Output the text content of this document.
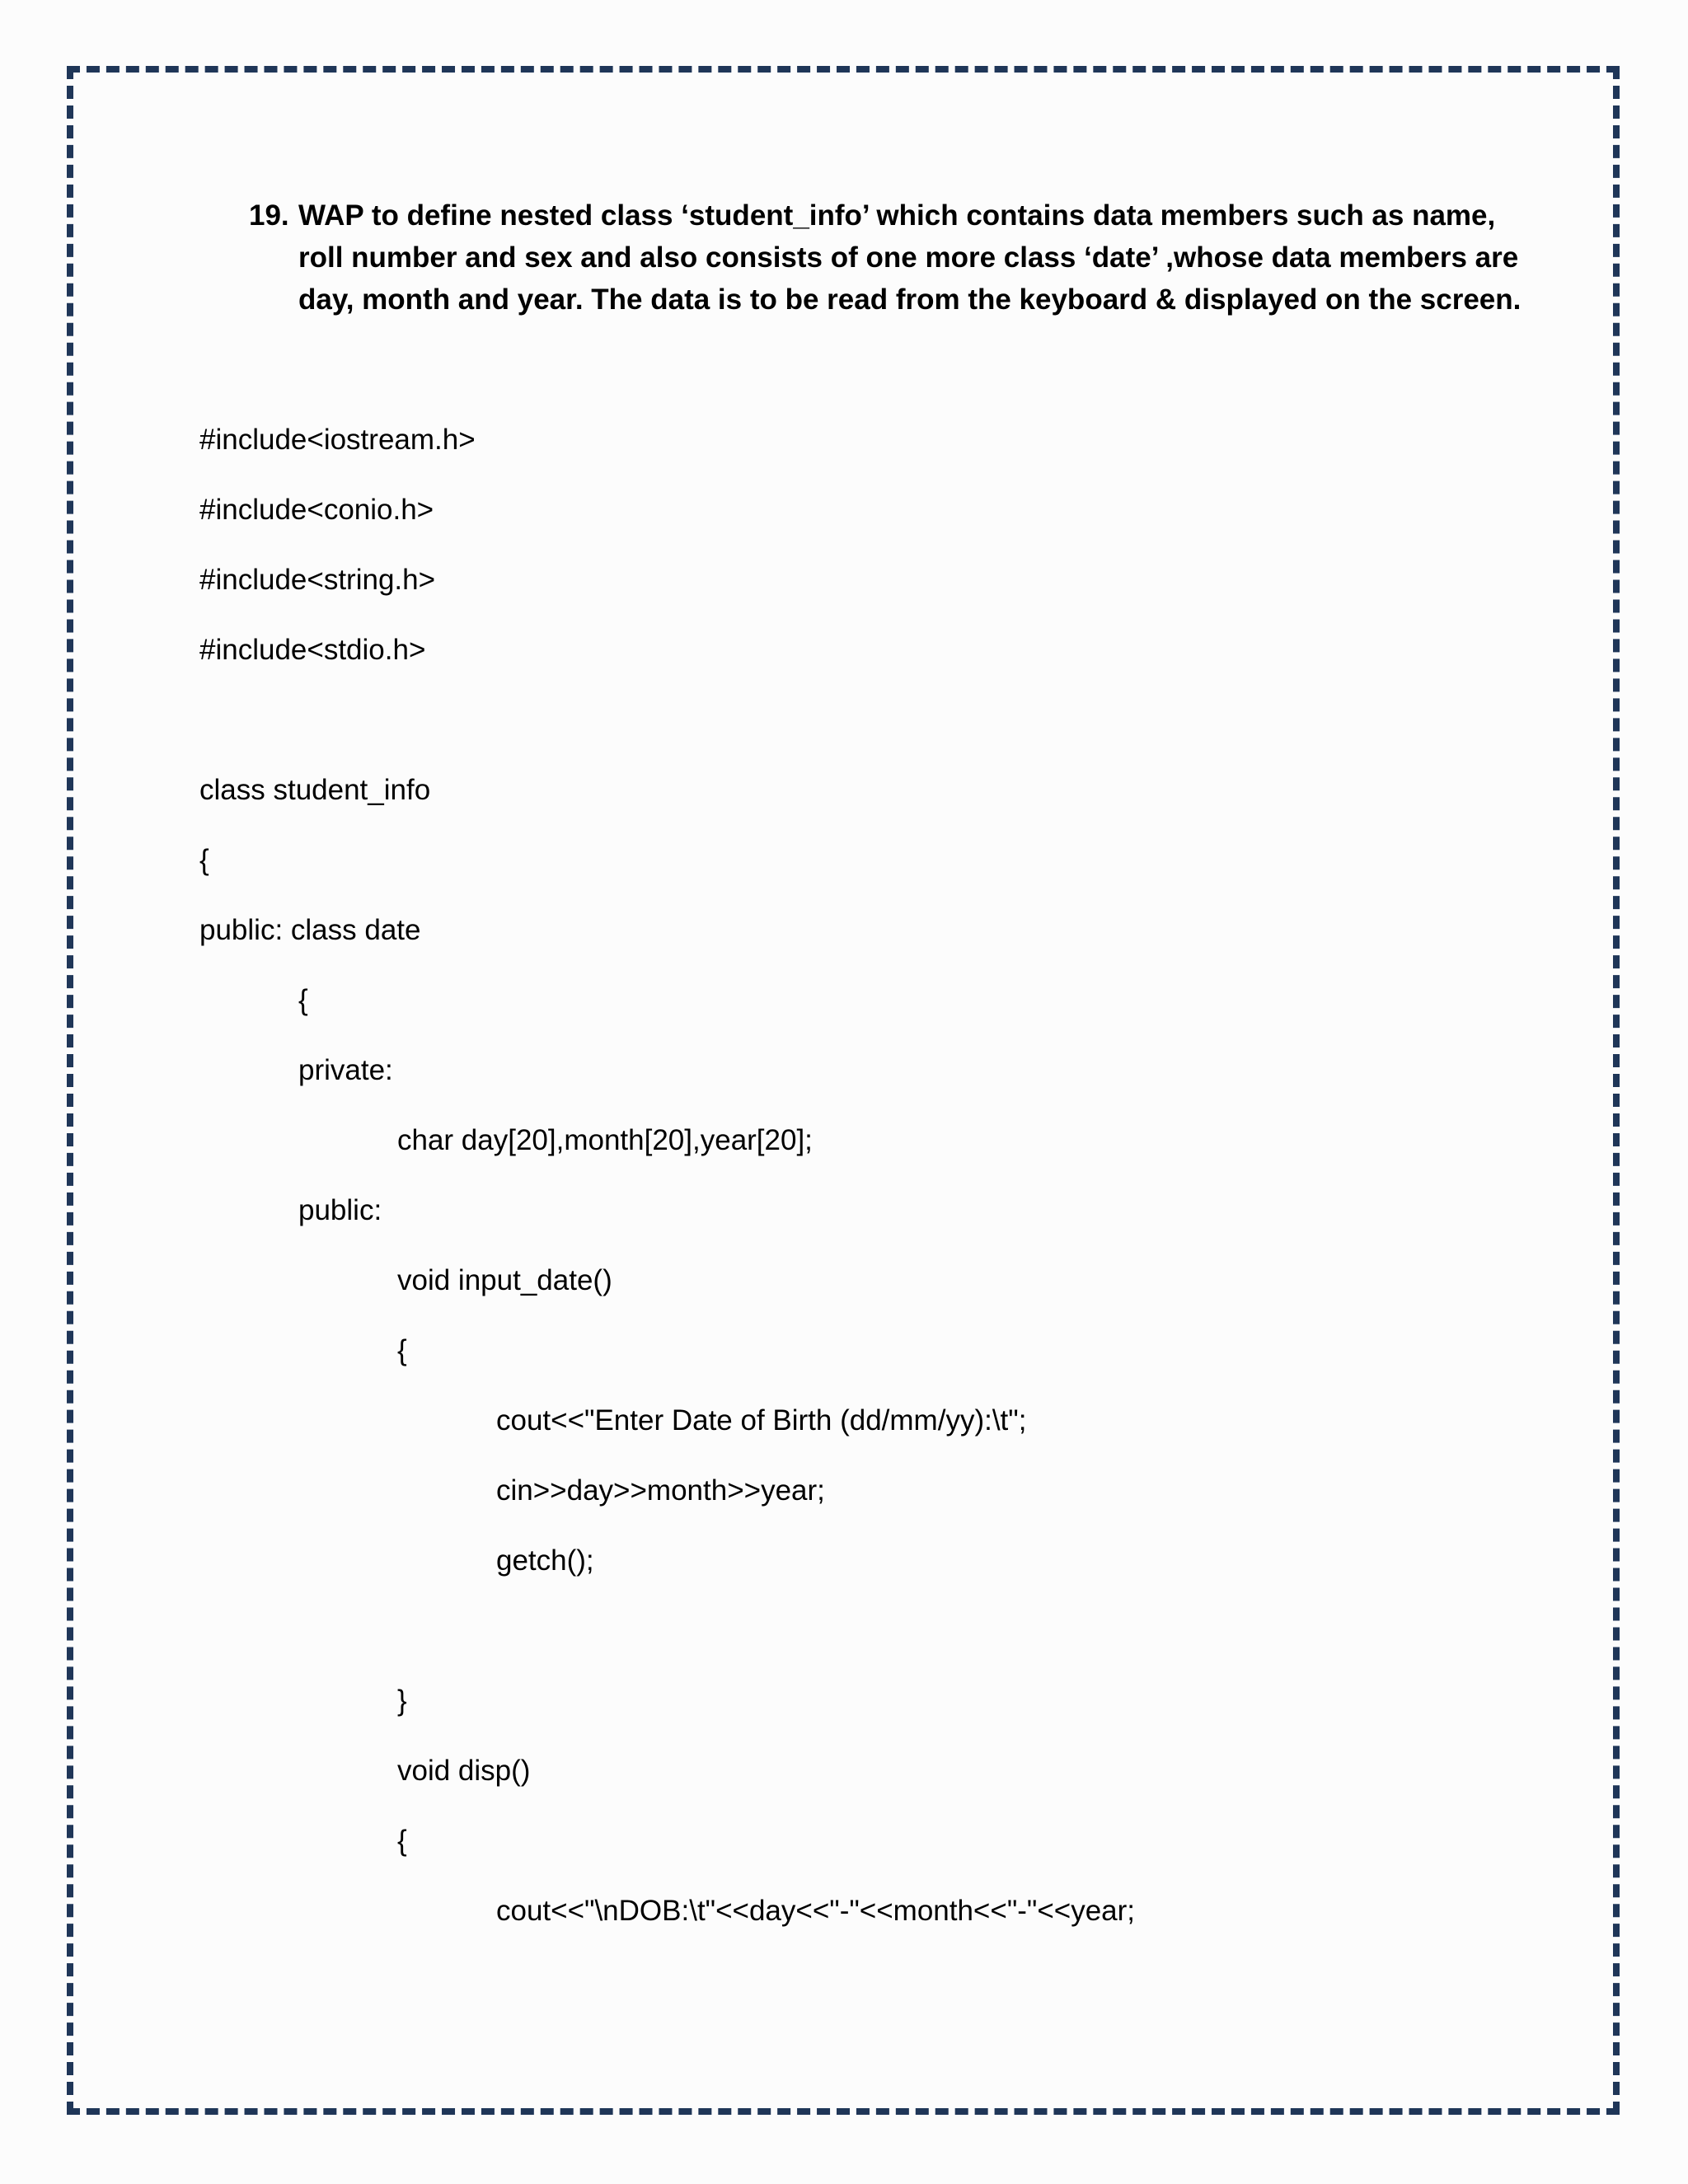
19. WAP to define nested class ‘student_info’ which contains data members such as name, roll number and sex and also consists of one more class ‘date’ ,whose data members are day, month and year. The data is to be read from the keyboard & displayed on the screen.
#include<iostream.h>
#include<conio.h>
#include<string.h>
#include<stdio.h>
class student_info
{
public: class date
{
private:
char day[20],month[20],year[20];
public:
void input_date()
{
cout<<"Enter Date of Birth (dd/mm/yy):\t";
cin>>day>>month>>year;
getch();
}
void disp()
{
cout<<"\nDOB:\t"<<day<<"-"<<month<<"-"<<year;
